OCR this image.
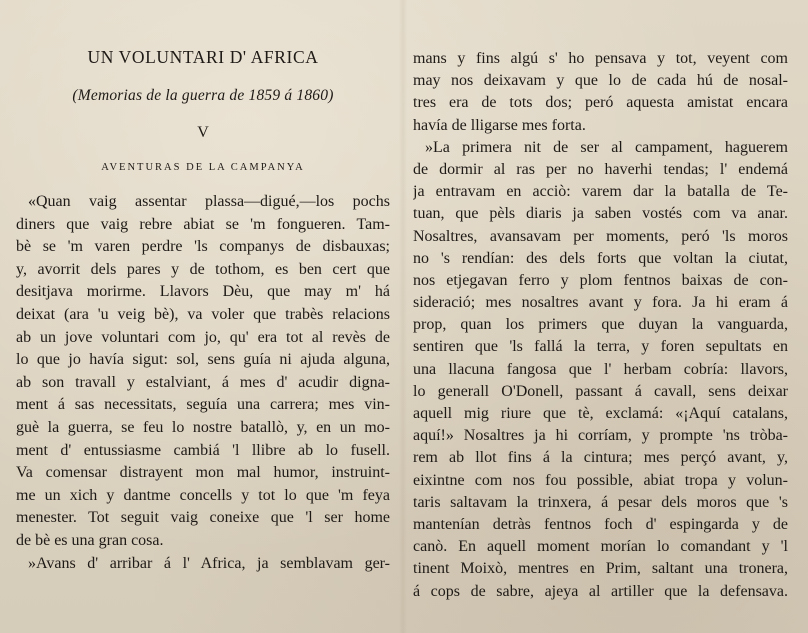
UN VOLUNTARI D' AFRICA
(Memorias de la guerra de 1859 á 1860)
V
AVENTURAS DE LA CAMPANYA
«Quan vaig assentar plassa—digué,—los pochs
diners que vaig rebre abiat se 'm fongueren. Tam-
bè se 'm varen perdre 'ls companys de disbauxas;
y, avorrit dels pares y de tothom, es ben cert que
desitjava morirme. Llavors Dèu, que may m' há
deixat (ara 'u veig bè), va voler que trabès relacions
ab un jove voluntari com jo, qu' era tot al revès de
lo que jo havía sigut: sol, sens guía ni ajuda alguna,
ab son travall y estalviant, á mes d' acudir digna-
ment á sas necessitats, seguía una carrera; mes vin-
guè la guerra, se feu lo nostre batallò, y, en un mo-
ment d' entussiasme cambiá 'l llibre ab lo fusell.
Va comensar distrayent mon mal humor, instruint-
me un xich y dantme concells y tot lo que 'm feya
menester. Tot seguit vaig coneixe que 'l ser home
de bè es una gran cosa.
»Avans d' arribar á l' Africa, ja semblavam ger-
mans y fins algú s' ho pensava y tot, veyent com
may nos deixavam y que lo de cada hú de nosal-
tres era de tots dos; peró aquesta amistat encara
havía de lligarse mes forta.
»La primera nit de ser al campament, haguerem
de dormir al ras per no haverhi tendas; l' endemá
ja entravam en acciò: varem dar la batalla de Te-
tuan, que pèls diaris ja saben vostés com va anar.
Nosaltres, avansavam per moments, peró 'ls moros
no 's rendían: des dels forts que voltan la ciutat,
nos etjegavan ferro y plom fentnos baixas de con-
sideració; mes nosaltres avant y fora. Ja hi eram á
prop, quan los primers que duyan la vanguarda,
sentiren que 'ls fallá la terra, y foren sepultats en
una llacuna fangosa que l' herbam cobría: llavors,
lo generall O'Donell, passant á cavall, sens deixar
aquell mig riure que tè, exclamá: «¡Aquí catalans,
aquí!» Nosaltres ja hi corríam, y prompte 'ns tròba-
rem ab llot fins á la cintura; mes perçó avant, y,
eixintne com nos fou possible, abiat tropa y volun-
taris saltavam la trinxera, á pesar dels moros que 's
mantenían detràs fentnos foch d' espingarda y de
canò. En aquell moment morían lo comandant y 'l
tinent Moixò, mentres en Prim, saltant una tronera,
á cops de sabre, ajeya al artiller que la defensava.
